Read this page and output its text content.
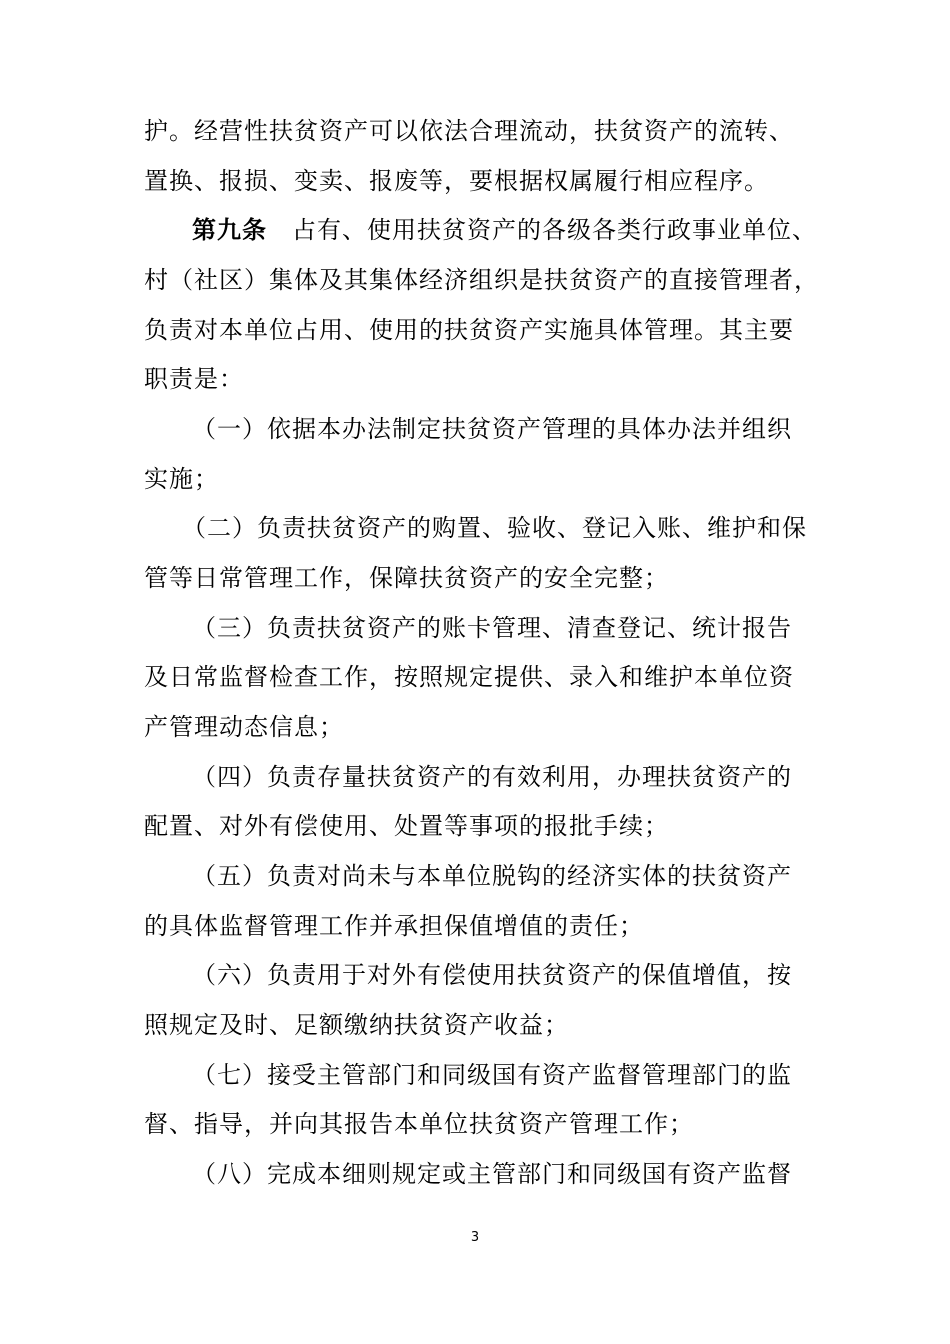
护。经营性扶贫资产可以依法合理流动，扶贫资产的流转、
置换、报损、变卖、报废等，要根据权属履行相应程序。
第九条 占有、使用扶贫资产的各级各类行政事业单位、
村（社区）集体及其集体经济组织是扶贫资产的直接管理者，
负责对本单位占用、使用的扶贫资产实施具体管理。其主要
职责是：
（一）依据本办法制定扶贫资产管理的具体办法并组织
实施；
（二）负责扶贫资产的购置、验收、登记入账、维护和保
管等日常管理工作，保障扶贫资产的安全完整；
（三）负责扶贫资产的账卡管理、清查登记、统计报告
及日常监督检查工作，按照规定提供、录入和维护本单位资
产管理动态信息；
（四）负责存量扶贫资产的有效利用，办理扶贫资产的
配置、对外有偿使用、处置等事项的报批手续；
（五）负责对尚未与本单位脱钩的经济实体的扶贫资产
的具体监督管理工作并承担保值增值的责任；
（六）负责用于对外有偿使用扶贫资产的保值增值，按
照规定及时、足额缴纳扶贫资产收益；
（七）接受主管部门和同级国有资产监督管理部门的监
督、指导，并向其报告本单位扶贫资产管理工作；
（八）完成本细则规定或主管部门和同级国有资产监督
3
